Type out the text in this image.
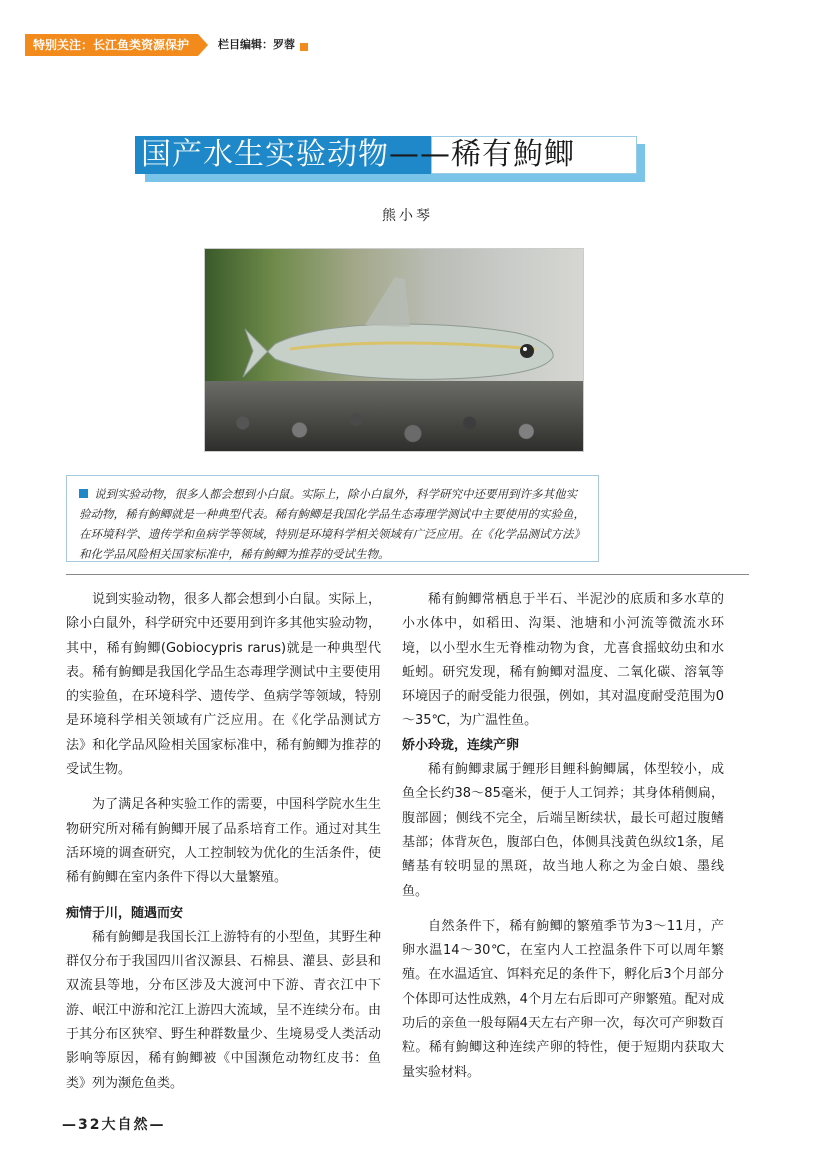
特别关注：长江鱼类资源保护	栏目编辑：罗蓉
国产水生实验动物——稀有鮈鲫
熊小琴
说到实验动物，很多人都会想到小白鼠。实际上，除小白鼠外，科学研究中还要用到许多其他实验动物，稀有鮈鲫就是一种典型代表。稀有鮈鲫是我国化学品生态毒理学测试中主要使用的实验鱼，在环境科学、遗传学和鱼病学等领域，特别是环境科学相关领域有广泛应用。在《化学品测试方法》和化学品风险相关国家标准中，稀有鮈鲫为推荐的受试生物。

说到实验动物，很多人都会想到小白鼠。实际上，除小白鼠外，科学研究中还要用到许多其他实验动物，其中，稀有鮈鲫(Gobiocypris rarus)就是一种典型代表。稀有鮈鲫是我国化学品生态毒理学测试中主要使用的实验鱼，在环境科学、遗传学、鱼病学等领域，特别是环境科学相关领域有广泛应用。在《化学品测试方法》和化学品风险相关国家标准中，稀有鮈鲫为推荐的受试生物。

为了满足各种实验工作的需要，中国科学院水生生物研究所对稀有鮈鲫开展了品系培育工作。通过对其生活环境的调查研究，人工控制较为优化的生活条件，使稀有鮈鲫在室内条件下得以大量繁殖。

痴情于川，随遇而安

稀有鮈鲫是我国长江上游特有的小型鱼，其野生种群仅分布于我国四川省汉源县、石棉县、灌县、彭县和双流县等地，分布区涉及大渡河中下游、青衣江中下游、岷江中游和沱江上游四大流域，呈不连续分布。由于其分布区狭窄、野生种群数量少、生境易受人类活动影响等原因，稀有鮈鲫被《中国濒危动物红皮书：鱼类》列为濒危鱼类。

稀有鮈鲫常栖息于半石、半泥沙的底质和多水草的小水体中，如稻田、沟渠、池塘和小河流等微流水环境，以小型水生无脊椎动物为食，尤喜食摇蚊幼虫和水蚯蚓。研究发现，稀有鮈鲫对温度、二氧化碳、溶氧等环境因子的耐受能力很强，例如，其对温度耐受范围为0～35℃，为广温性鱼。

娇小玲珑，连续产卵

稀有鮈鲫隶属于鲤形目鲤科鮈鲫属，体型较小，成鱼全长约38～85毫米，便于人工饲养；其身体稍侧扁，腹部圆；侧线不完全，后端呈断续状，最长可超过腹鳍基部；体背灰色，腹部白色，体侧具浅黄色纵纹1条，尾鳍基有较明显的黑斑，故当地人称之为金白娘、墨线鱼。

自然条件下，稀有鮈鲫的繁殖季节为3～11月，产卵水温14～30℃，在室内人工控温条件下可以周年繁殖。在水温适宜、饵料充足的条件下，孵化后3个月部分个体即可达性成熟，4个月左右后即可产卵繁殖。配对成功后的亲鱼一般每隔4天左右产卵一次，每次可产卵数百粒。稀有鮈鲫这种连续产卵的特性，便于短期内获取大量实验材料。

—32大自然—
